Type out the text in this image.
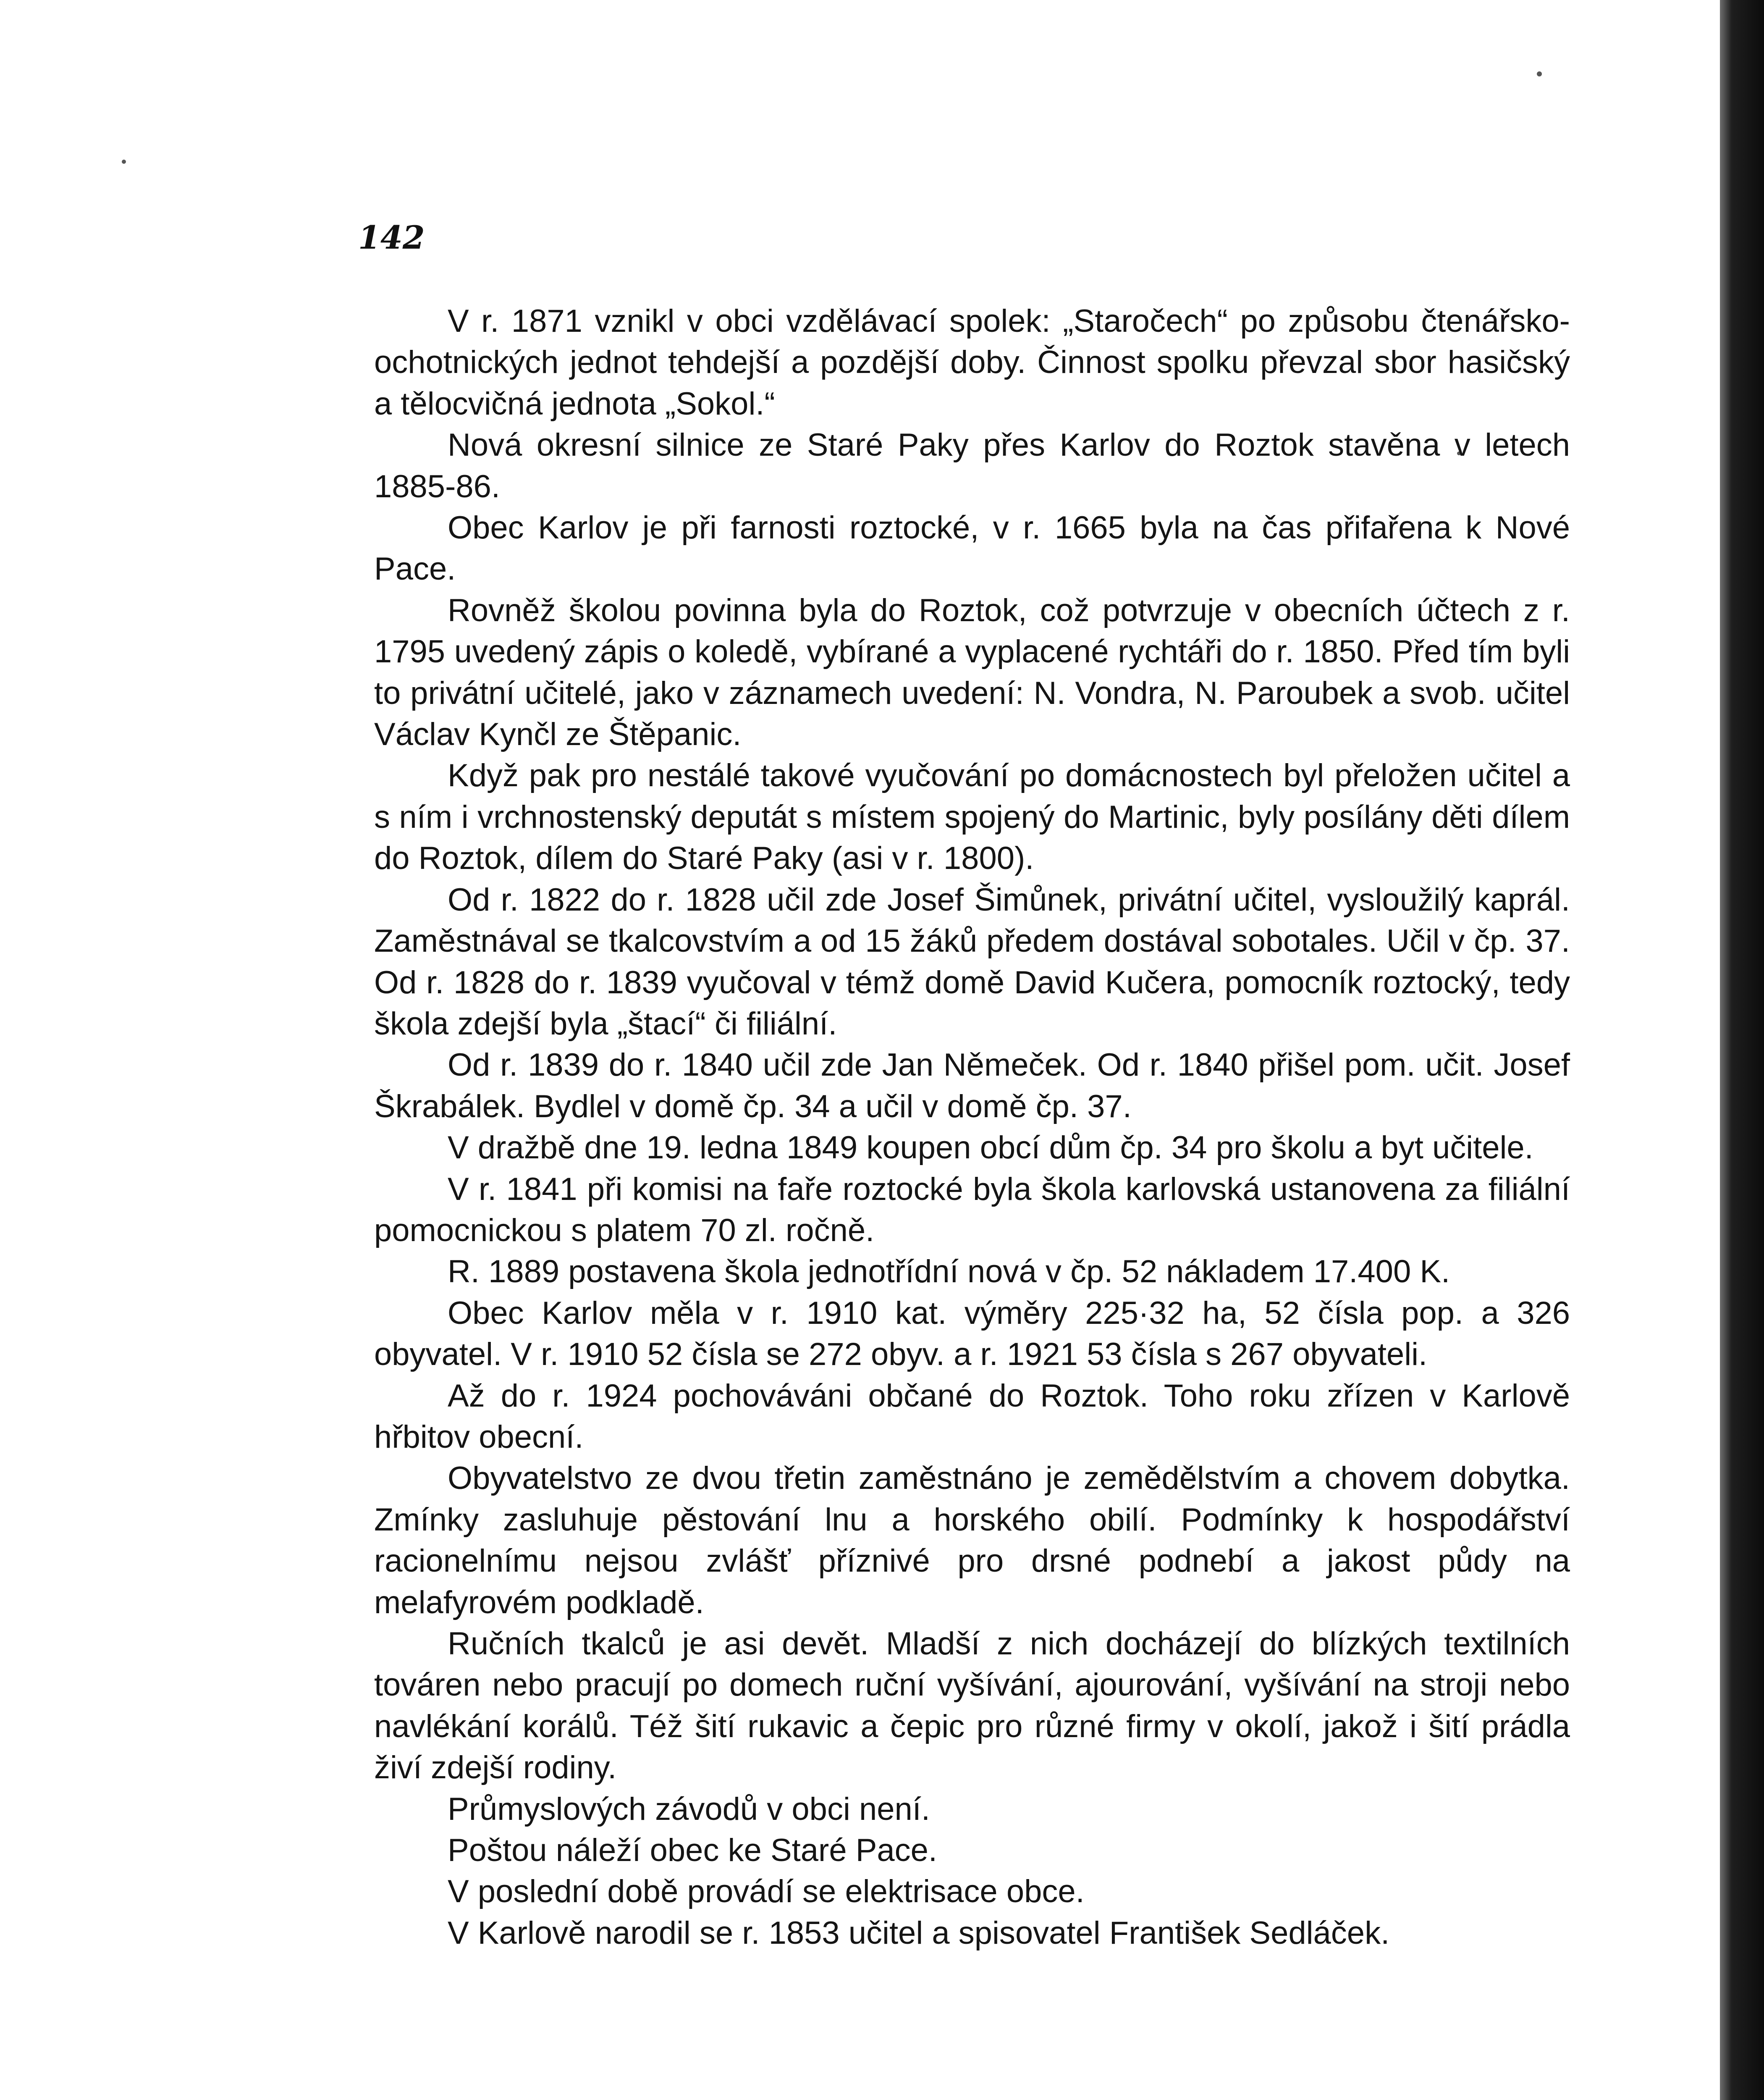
142

V r. 1871 vznikl v obci vzdělávací spolek: „Staročech“ po způsobu čtenářsko-ochotnických jednot tehdejší a pozdější doby. Činnost spolku převzal sbor hasičský a tělocvičná jednota „Sokol.“

Nová okresní silnice ze Staré Paky přes Karlov do Roztok stavěna v letech 1885-86.

Obec Karlov je při farnosti roztocké, v r. 1665 byla na čas přifařena k Nové Pace.

Rovněž školou povinna byla do Roztok, což potvrzuje v obecních účtech z r. 1795 uvedený zápis o koledě, vybírané a vyplacené rychtáři do r. 1850. Před tím byli to privátní učitelé, jako v záznamech uvedení: N. Vondra, N. Paroubek a svob. učitel Václav Kynčl ze Štěpanic.

Když pak pro nestálé takové vyučování po domácnostech byl přeložen učitel a s ním i vrchnostenský deputát s místem spojený do Martinic, byly posílány děti dílem do Roztok, dílem do Staré Paky (asi v r. 1800).

Od r. 1822 do r. 1828 učil zde Josef Šimůnek, privátní učitel, vysloužilý kaprál. Zaměstnával se tkalcovstvím a od 15 žáků předem dostával sobotales. Učil v čp. 37. Od r. 1828 do r. 1839 vyučoval v témž domě David Kučera, pomocník roztocký, tedy škola zdejší byla „štací“ či filiální.

Od r. 1839 do r. 1840 učil zde Jan Němeček. Od r. 1840 přišel pom. učit. Josef Škrabálek. Bydlel v domě čp. 34 a učil v domě čp. 37.

V dražbě dne 19. ledna 1849 koupen obcí dům čp. 34 pro školu a byt učitele.

V r. 1841 při komisi na faře roztocké byla škola karlovská ustanovena za filiální pomocnickou s platem 70 zl. ročně.

R. 1889 postavena škola jednotřídní nová v čp. 52 nákladem 17.400 K.

Obec Karlov měla v r. 1910 kat. výměry 225·32 ha, 52 čísla pop. a 326 obyvatel. V r. 1910 52 čísla se 272 obyv. a r. 1921 53 čísla s 267 obyvateli.

Až do r. 1924 pochováváni občané do Roztok. Toho roku zřízen v Karlově hřbitov obecní.

Obyvatelstvo ze dvou třetin zaměstnáno je zemědělstvím a chovem dobytka. Zmínky zasluhuje pěstování lnu a horského obilí. Podmínky k hospodářství racionelnímu nejsou zvlášť příznivé pro drsné podnebí a jakost půdy na melafyrovém podkladě.

Ručních tkalců je asi devět. Mladší z nich docházejí do blízkých textilních továren nebo pracují po domech ruční vyšívání, ajourování, vyšívání na stroji nebo navlékání korálů. Též šití rukavic a čepic pro různé firmy v okolí, jakož i šití prádla živí zdejší rodiny.

Průmyslových závodů v obci není.

Poštou náleží obec ke Staré Pace.

V poslední době provádí se elektrisace obce.

V Karlově narodil se r. 1853 učitel a spisovatel František Sedláček.
